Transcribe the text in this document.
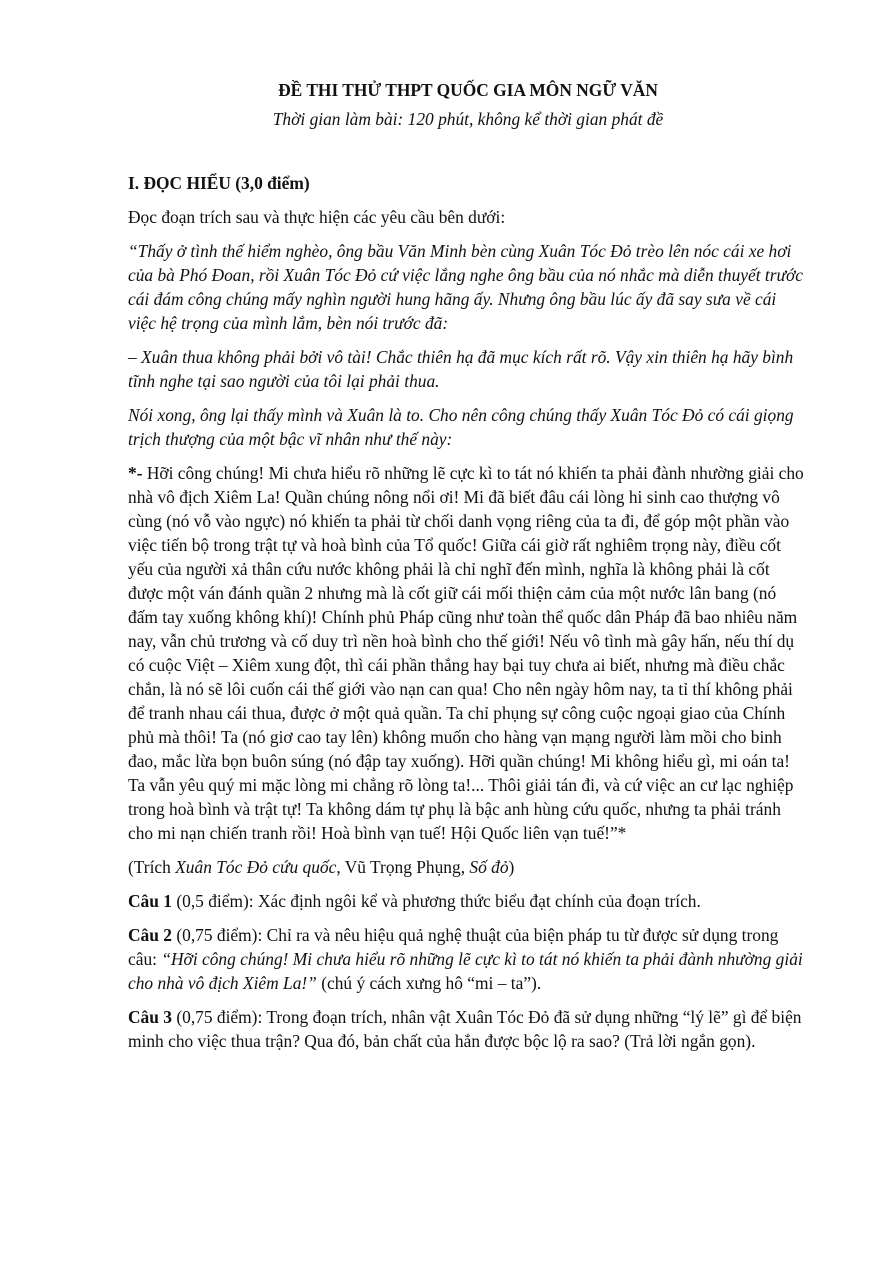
ĐỀ THI THỬ THPT QUỐC GIA MÔN NGỮ VĂN
Thời gian làm bài: 120 phút, không kể thời gian phát đề
I. ĐỌC HIỂU (3,0 điểm)

Đọc đoạn trích sau và thực hiện các yêu cầu bên dưới:

“Thấy ở tình thế hiểm nghèo, ông bầu Văn Minh bèn cùng Xuân Tóc Đỏ trèo lên nóc cái xe hơi của bà Phó Đoan, rồi Xuân Tóc Đỏ cứ việc lắng nghe ông bầu của nó nhắc mà diễn thuyết trước cái đám công chúng mấy nghìn người hung hãng ấy. Nhưng ông bầu lúc ấy đã say sưa về cái việc hệ trọng của mình lắm, bèn nói trước đã:

– Xuân thua không phải bởi vô tài! Chắc thiên hạ đã mục kích rất rõ. Vậy xin thiên hạ hãy bình tĩnh nghe tại sao người của tôi lại phải thua.

Nói xong, ông lại thấy mình và Xuân là to. Cho nên công chúng thấy Xuân Tóc Đỏ có cái giọng trịch thượng của một bậc vĩ nhân như thế này:

*- Hỡi công chúng! Mi chưa hiểu rõ những lẽ cực kì to tát nó khiến ta phải đành nhường giải cho nhà vô địch Xiêm La! Quần chúng nông nổi ơi! Mi đã biết đâu cái lòng hi sinh cao thượng vô cùng (nó vỗ vào ngực) nó khiến ta phải từ chối danh vọng riêng của ta đi, để góp một phần vào việc tiến bộ trong trật tự và hoà bình của Tổ quốc! Giữa cái giờ rất nghiêm trọng này, điều cốt yếu của người xả thân cứu nước không phải là chỉ nghĩ đến mình, nghĩa là không phải là cốt được một ván đánh quần 2 nhưng mà là cốt giữ cái mối thiện cảm của một nước lân bang (nó đấm tay xuống không khí)! Chính phủ Pháp cũng như toàn thể quốc dân Pháp đã bao nhiêu năm nay, vẫn chủ trương và cố duy trì nền hoà bình cho thế giới! Nếu vô tình mà gây hấn, nếu thí dụ có cuộc Việt – Xiêm xung đột, thì cái phần thắng hay bại tuy chưa ai biết, nhưng mà điều chắc chắn, là nó sẽ lôi cuốn cái thế giới vào nạn can qua! Cho nên ngày hôm nay, ta tỉ thí không phải để tranh nhau cái thua, được ở một quả quần. Ta chỉ phụng sự công cuộc ngoại giao của Chính phủ mà thôi! Ta (nó giơ cao tay lên) không muốn cho hàng vạn mạng người làm mồi cho binh đao, mắc lừa bọn buôn súng (nó đập tay xuống). Hỡi quần chúng! Mi không hiểu gì, mi oán ta! Ta vẫn yêu quý mi mặc lòng mi chẳng rõ lòng ta!... Thôi giải tán đi, và cứ việc an cư lạc nghiệp trong hoà bình và trật tự! Ta không dám tự phụ là bậc anh hùng cứu quốc, nhưng ta phải tránh cho mi nạn chiến tranh rồi! Hoà bình vạn tuế! Hội Quốc liên vạn tuế!”*

(Trích Xuân Tóc Đỏ cứu quốc, Vũ Trọng Phụng, Số đỏ)

Câu 1 (0,5 điểm): Xác định ngôi kể và phương thức biểu đạt chính của đoạn trích.

Câu 2 (0,75 điểm): Chỉ ra và nêu hiệu quả nghệ thuật của biện pháp tu từ được sử dụng trong câu: “Hỡi công chúng! Mi chưa hiểu rõ những lẽ cực kì to tát nó khiến ta phải đành nhường giải cho nhà vô địch Xiêm La!” (chú ý cách xưng hô “mi – ta”).

Câu 3 (0,75 điểm): Trong đoạn trích, nhân vật Xuân Tóc Đỏ đã sử dụng những “lý lẽ” gì để biện minh cho việc thua trận? Qua đó, bản chất của hắn được bộc lộ ra sao? (Trả lời ngắn gọn).
